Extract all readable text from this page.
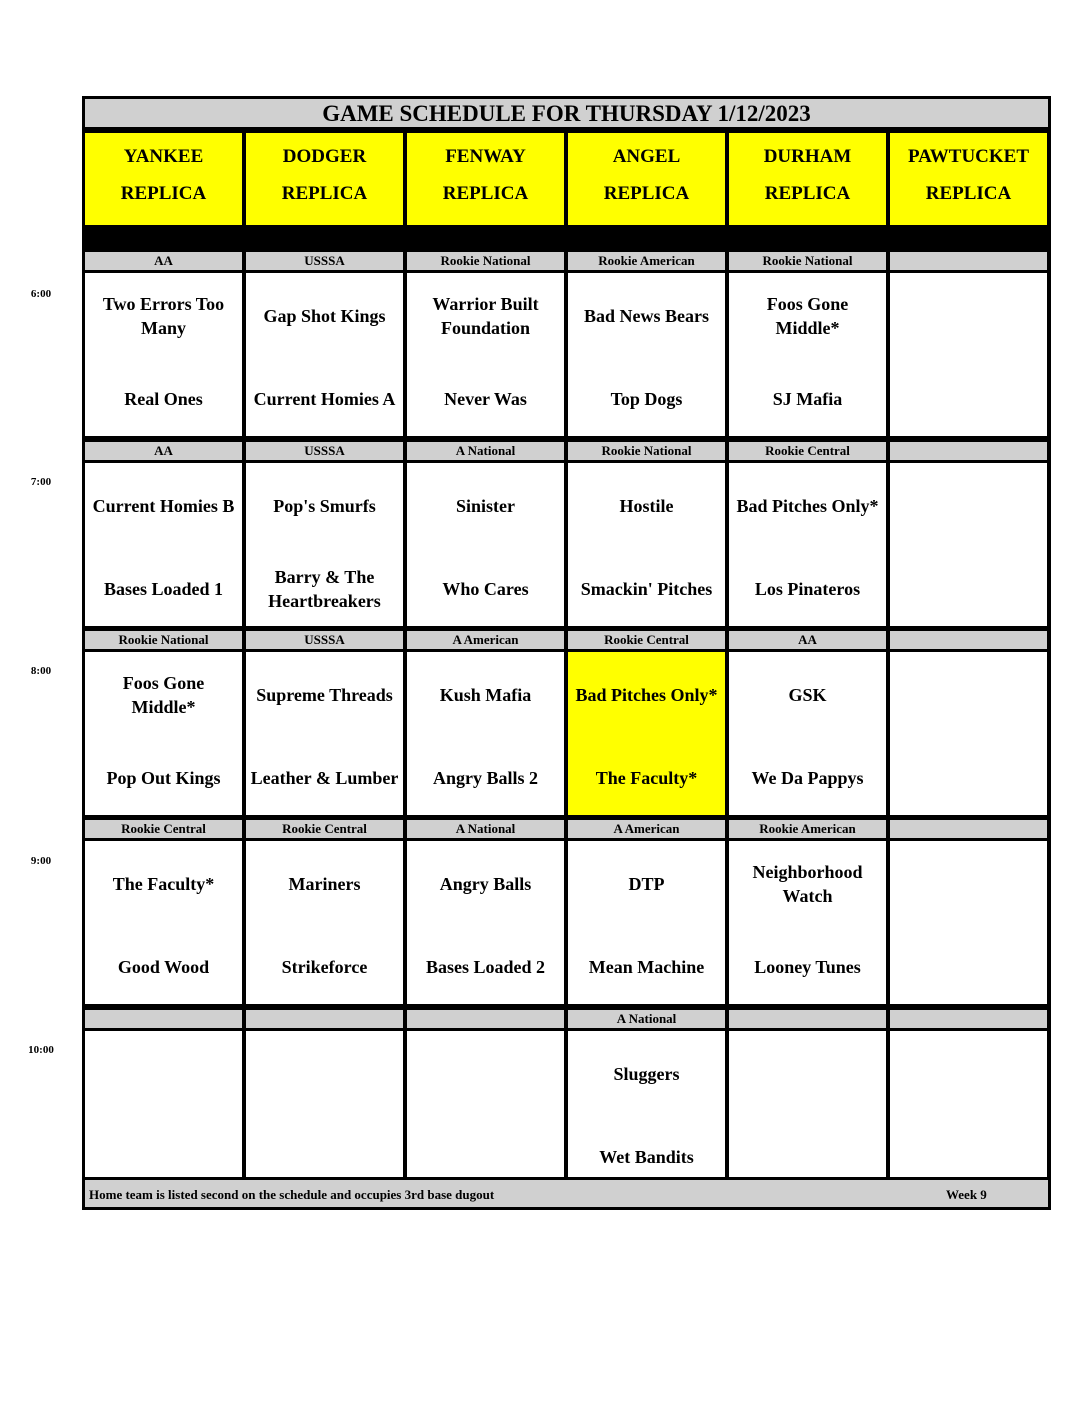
GAME SCHEDULE FOR THURSDAY 1/12/2023
YANKEE
REPLICA
AA
Two Errors Too Many
Real Ones
AA
Current Homies B
Bases Loaded 1
Rookie National
Foos Gone Middle*
Pop Out Kings
Rookie Central
The Faculty*
Good Wood
DODGER
REPLICA
USSSA
Gap Shot Kings
Current Homies A
USSSA
Pop's Smurfs
Barry & The Heartbreakers
USSSA
Supreme Threads
Leather & Lumber
Rookie Central
Mariners
Strikeforce
FENWAY
REPLICA
Rookie National
Warrior Built Foundation
Never Was
A National
Sinister
Who Cares
A American
Kush Mafia
Angry Balls 2
A National
Angry Balls
Bases Loaded 2
ANGEL
REPLICA
Rookie American
Bad News Bears
Top Dogs
Rookie National
Hostile
Smackin' Pitches
Rookie Central
Bad Pitches Only*
The Faculty*
A American
DTP
Mean Machine
A National
Sluggers
Wet Bandits
DURHAM
REPLICA
Rookie National
Foos Gone Middle*
SJ Mafia
Rookie Central
Bad Pitches Only*
Los Pinateros
AA
GSK
We Da Pappys
Rookie American
Neighborhood Watch
Looney Tunes
PAWTUCKET
REPLICA
Home team is listed second on the schedule and occupies 3rd base dugout	Week 9
6:00
7:00
8:00
9:00
10:00
